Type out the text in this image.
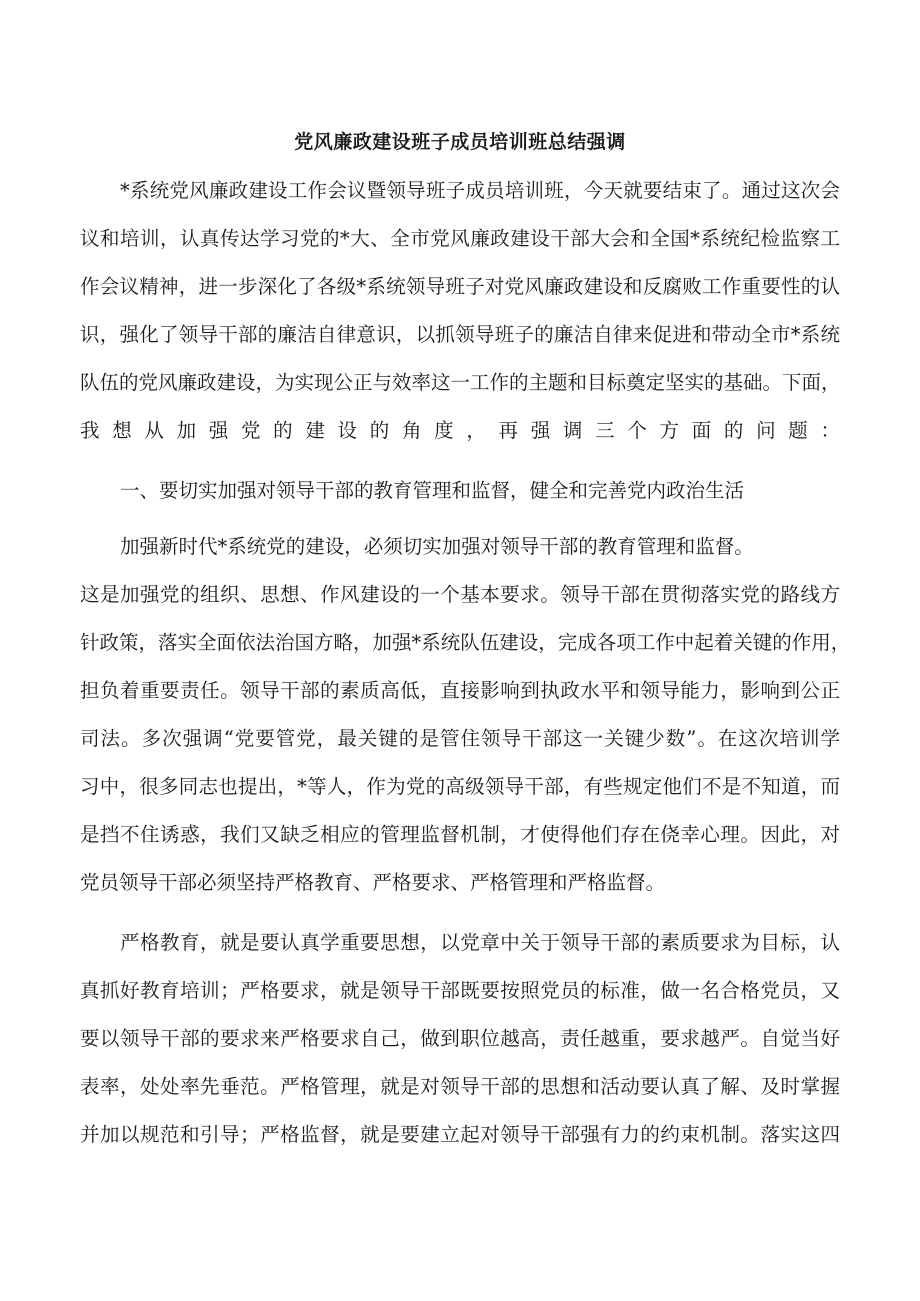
党风廉政建设班子成员培训班总结强调

*系统党风廉政建设工作会议暨领导班子成员培训班，今天就要结束了。通过这次会

议和培训，认真传达学习党的*大、全市党风廉政建设干部大会和全国*系统纪检监察工

作会议精神，进一步深化了各级*系统领导班子对党风廉政建设和反腐败工作重要性的认

识，强化了领导干部的廉洁自律意识，以抓领导班子的廉洁自律来促进和带动全市*系统

队伍的党风廉政建设，为实现公正与效率这一工作的主题和目标奠定坚实的基础。下面，

我想从加强党的建设的角度，再强调三个方面的问题：

一、要切实加强对领导干部的教育管理和监督，健全和完善党内政治生活

加强新时代*系统党的建设，必须切实加强对领导干部的教育管理和监督。

这是加强党的组织、思想、作风建设的一个基本要求。领导干部在贯彻落实党的路线方

针政策，落实全面依法治国方略，加强*系统队伍建设，完成各项工作中起着关键的作用，

担负着重要责任。领导干部的素质高低，直接影响到执政水平和领导能力，影响到公正

司法。多次强调“党要管党，最关键的是管住领导干部这一关键少数”。在这次培训学

习中，很多同志也提出，*等人，作为党的高级领导干部，有些规定他们不是不知道，而

是挡不住诱惑，我们又缺乏相应的管理监督机制，才使得他们存在侥幸心理。因此，对

党员领导干部必须坚持严格教育、严格要求、严格管理和严格监督。

严格教育，就是要认真学重要思想，以党章中关于领导干部的素质要求为目标，认

真抓好教育培训；严格要求，就是领导干部既要按照党员的标准，做一名合格党员，又

要以领导干部的要求来严格要求自己，做到职位越高，责任越重，要求越严。自觉当好

表率，处处率先垂范。严格管理，就是对领导干部的思想和活动要认真了解、及时掌握

并加以规范和引导；严格监督，就是要建立起对领导干部强有力的约束机制。落实这四
